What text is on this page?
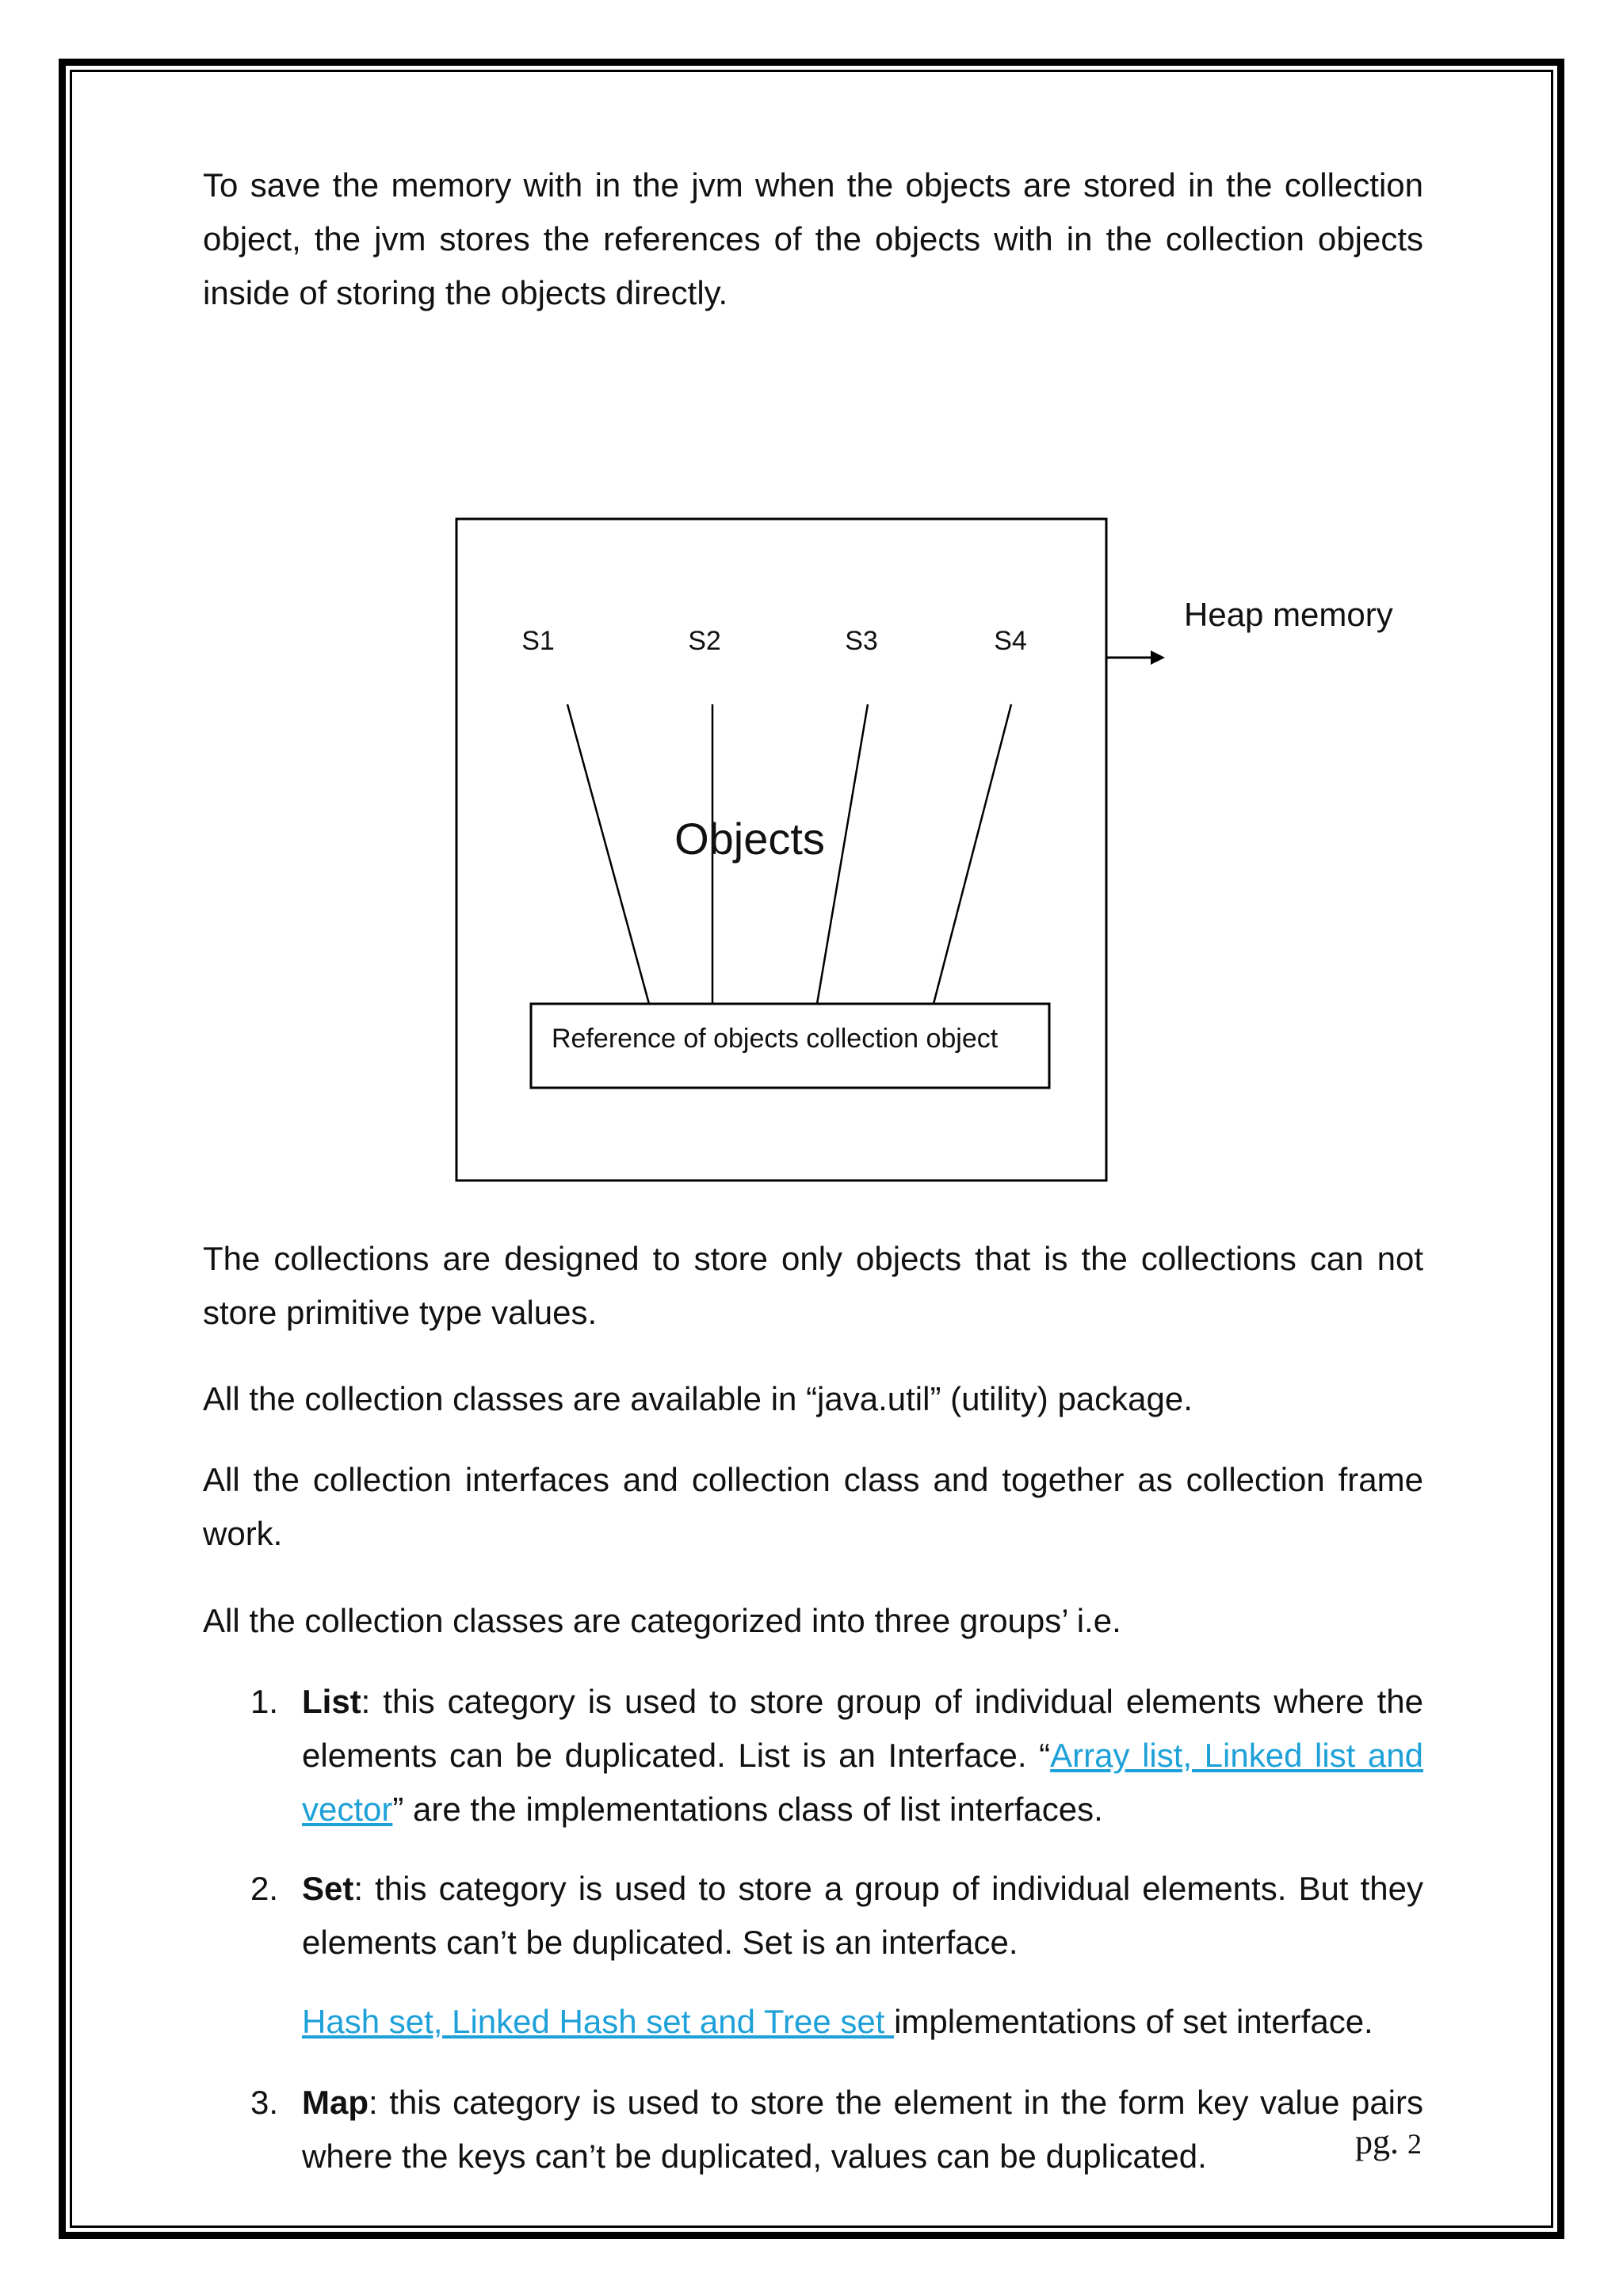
To save the memory with in the jvm when the objects are stored in the collection object, the jvm stores the references of the objects with in the collection objects inside of storing the objects directly.

S1	S2	S3	S4
Objects
Reference of objects collection object
Heap memory

The collections are designed to store only objects that is the collections can not store primitive type values.

All the collection classes are available in “java.util” (utility) package.

All the collection interfaces and collection class and together as collection frame work.

All the collection classes are categorized into three groups’ i.e.

1. List: this category is used to store group of individual elements where the elements can be duplicated. List is an Interface. “Array list, Linked list and vector” are the implementations class of list interfaces.
2. Set: this category is used to store a group of individual elements. But they elements can’t be duplicated. Set is an interface.
Hash set, Linked Hash set and Tree set implementations of set interface.
3. Map: this category is used to store the element in the form key value pairs where the keys can’t be duplicated, values can be duplicated.	pg. 2
